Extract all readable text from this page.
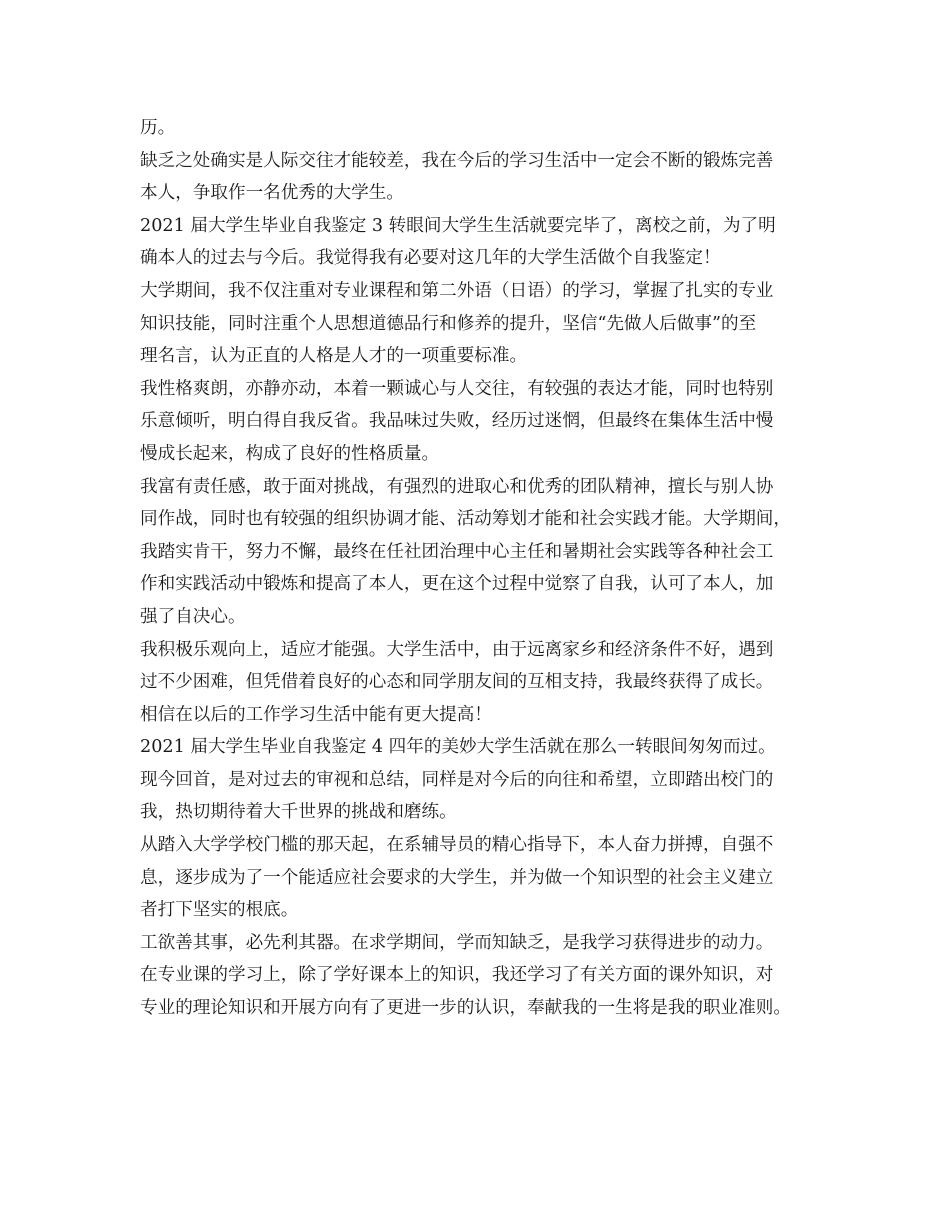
历。
缺乏之处确实是人际交往才能较差，我在今后的学习生活中一定会不断的锻炼完善
本人，争取作一名优秀的大学生。
2021 届大学生毕业自我鉴定 3 转眼间大学生生活就要完毕了，离校之前，为了明
确本人的过去与今后。我觉得我有必要对这几年的大学生活做个自我鉴定！
大学期间，我不仅注重对专业课程和第二外语（日语）的学习，掌握了扎实的专业
知识技能，同时注重个人思想道德品行和修养的提升，坚信“先做人后做事”的至
理名言，认为正直的人格是人才的一项重要标准。
我性格爽朗，亦静亦动，本着一颗诚心与人交往，有较强的表达才能，同时也特别
乐意倾听，明白得自我反省。我品味过失败，经历过迷惘，但最终在集体生活中慢
慢成长起来，构成了良好的性格质量。
我富有责任感，敢于面对挑战，有强烈的进取心和优秀的团队精神，擅长与别人协
同作战，同时也有较强的组织协调才能、活动筹划才能和社会实践才能。大学期间，
我踏实肯干，努力不懈，最终在任社团治理中心主任和暑期社会实践等各种社会工
作和实践活动中锻炼和提高了本人，更在这个过程中觉察了自我，认可了本人，加
强了自决心。
我积极乐观向上，适应才能强。大学生活中，由于远离家乡和经济条件不好，遇到
过不少困难，但凭借着良好的心态和同学朋友间的互相支持，我最终获得了成长。
相信在以后的工作学习生活中能有更大提高！
2021 届大学生毕业自我鉴定 4 四年的美妙大学生活就在那么一转眼间匆匆而过。
现今回首，是对过去的审视和总结，同样是对今后的向往和希望，立即踏出校门的
我，热切期待着大千世界的挑战和磨练。
从踏入大学学校门槛的那天起，在系辅导员的精心指导下，本人奋力拼搏，自强不
息，逐步成为了一个能适应社会要求的大学生，并为做一个知识型的社会主义建立
者打下坚实的根底。
工欲善其事，必先利其器。在求学期间，学而知缺乏，是我学习获得进步的动力。
在专业课的学习上，除了学好课本上的知识，我还学习了有关方面的课外知识，对
专业的理论知识和开展方向有了更进一步的认识，奉献我的一生将是我的职业准则。
